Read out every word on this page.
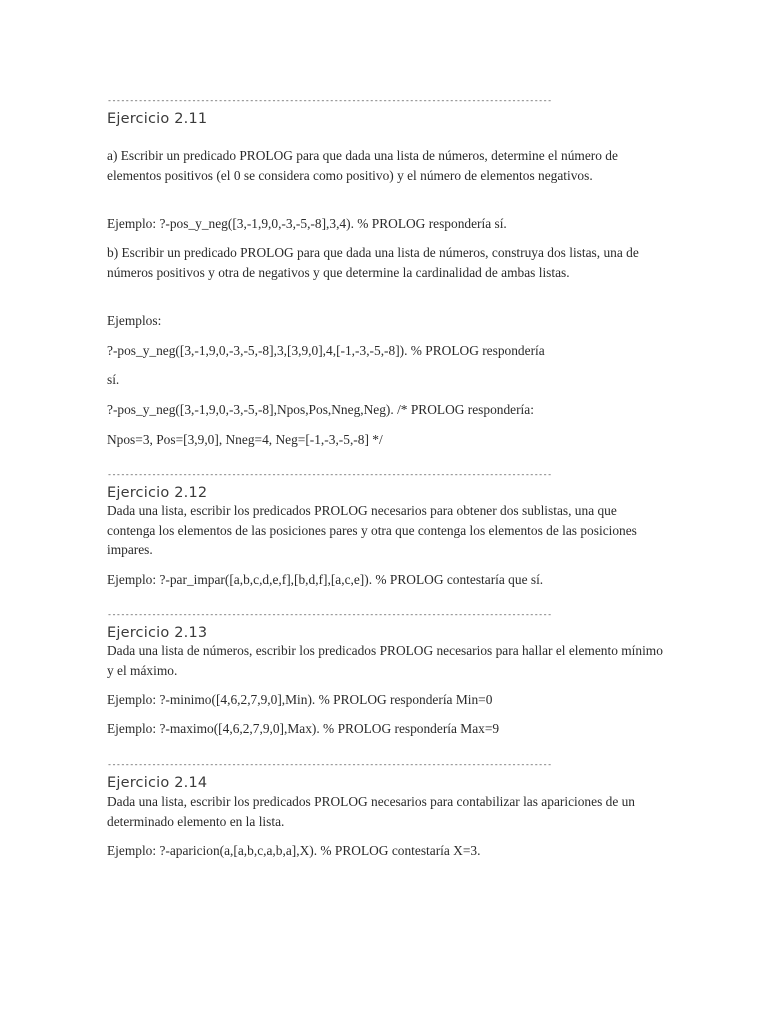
----------------------------------------------------------------------------------------------------
Ejercicio 2.11

a) Escribir un predicado PROLOG para que dada una lista de números, determine el número de elementos positivos (el 0 se considera como positivo) y el número de elementos negativos.

Ejemplo: ?-pos_y_neg([3,-1,9,0,-3,-5,-8],3,4). % PROLOG respondería sí.

b) Escribir un predicado PROLOG para que dada una lista de números, construya dos listas, una de números positivos y otra de negativos y que determine la cardinalidad de ambas listas.

Ejemplos:

?-pos_y_neg([3,-1,9,0,-3,-5,-8],3,[3,9,0],4,[-1,-3,-5,-8]). % PROLOG respondería

sí.

?-pos_y_neg([3,-1,9,0,-3,-5,-8],Npos,Pos,Nneg,Neg). /* PROLOG respondería:

Npos=3, Pos=[3,9,0], Nneg=4, Neg=[-1,-3,-5,-8] */

----------------------------------------------------------------------------------------------------
Ejercicio 2.12

Dada una lista, escribir los predicados PROLOG necesarios para obtener dos sublistas, una que contenga los elementos de las posiciones pares y otra que contenga los elementos de las posiciones impares.

Ejemplo: ?-par_impar([a,b,c,d,e,f],[b,d,f],[a,c,e]). % PROLOG contestaría que sí.

----------------------------------------------------------------------------------------------------
Ejercicio 2.13

Dada una lista de números, escribir los predicados PROLOG necesarios para hallar el elemento mínimo y el máximo.

Ejemplo: ?-minimo([4,6,2,7,9,0],Min). % PROLOG respondería Min=0

Ejemplo: ?-maximo([4,6,2,7,9,0],Max). % PROLOG respondería Max=9

----------------------------------------------------------------------------------------------------
Ejercicio 2.14

Dada una lista, escribir los predicados PROLOG necesarios para contabilizar las apariciones de un determinado elemento en la lista.

Ejemplo: ?-aparicion(a,[a,b,c,a,b,a],X). % PROLOG contestaría X=3.
